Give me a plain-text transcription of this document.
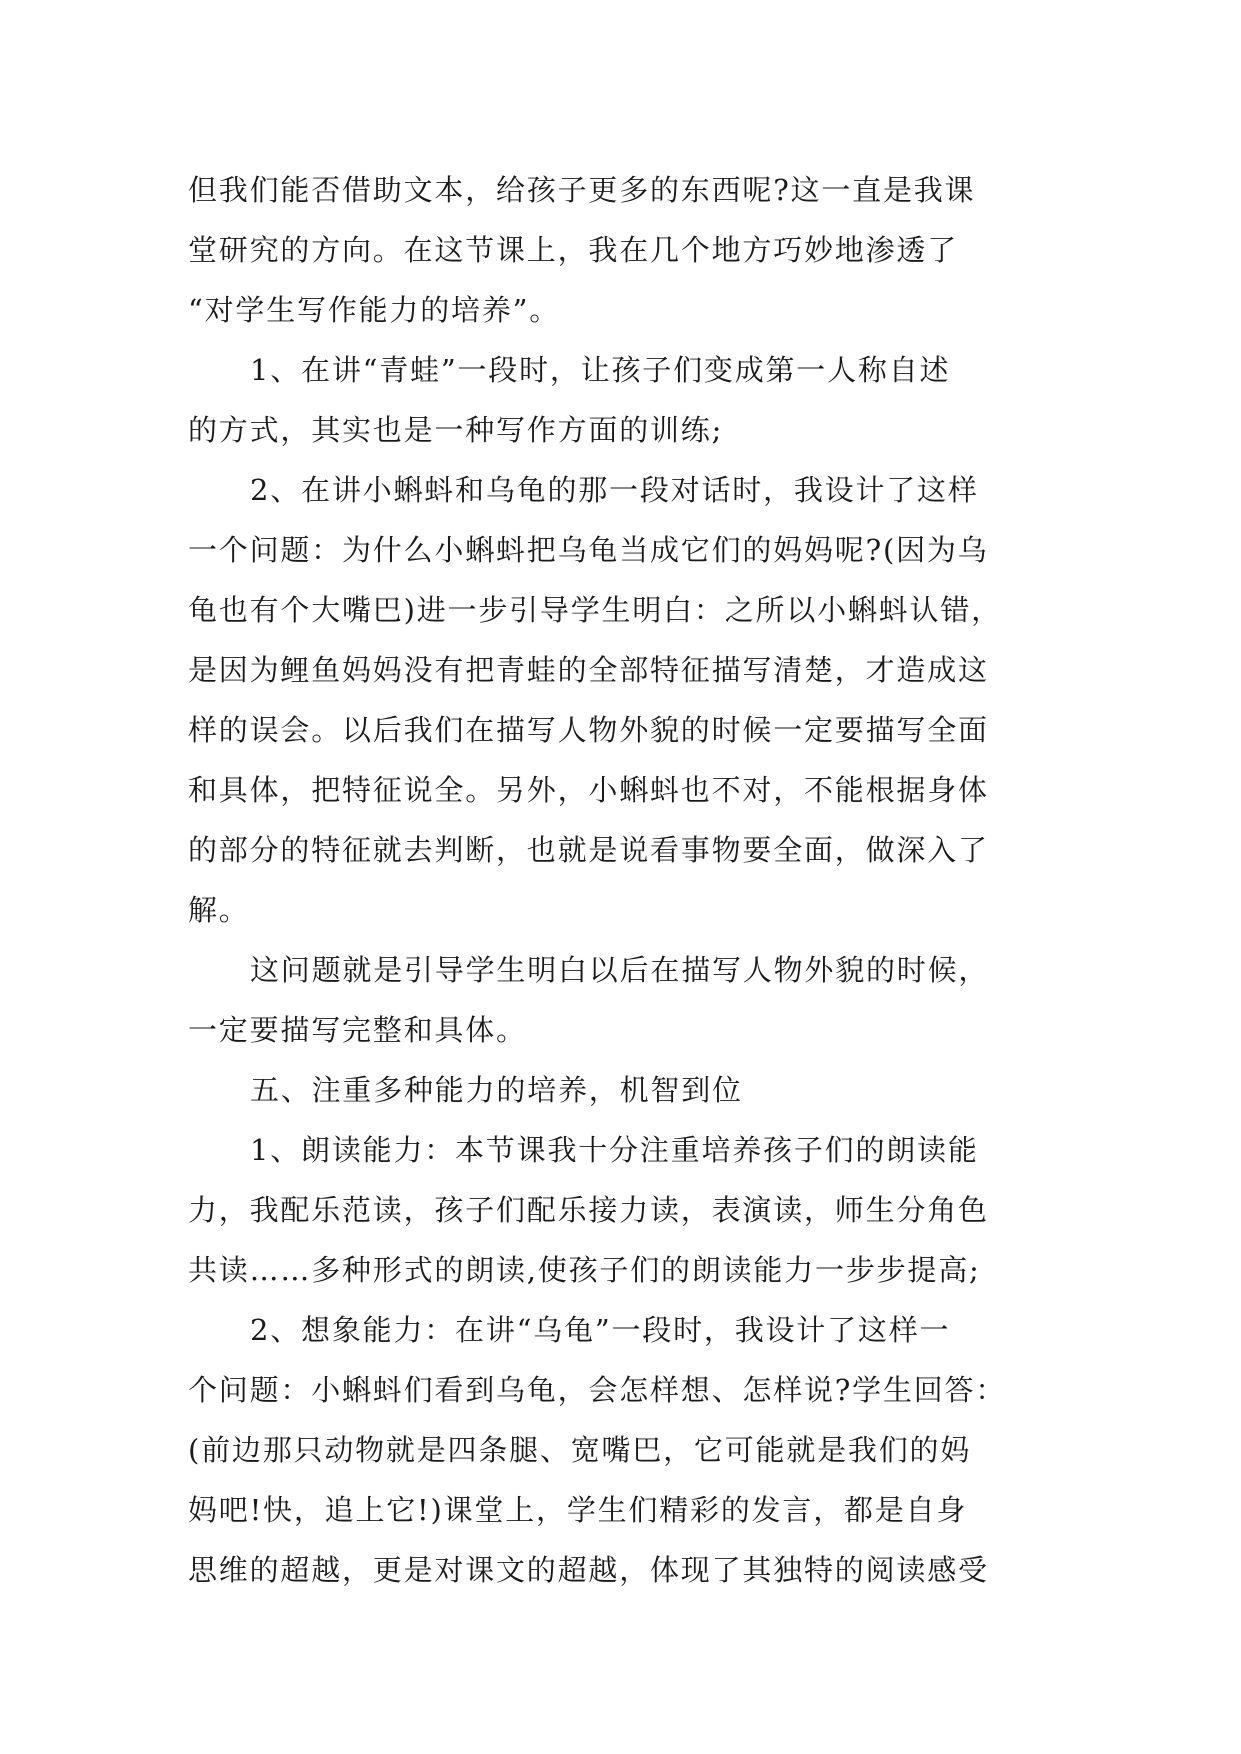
但我们能否借助文本，给孩子更多的东西呢?这一直是我课
堂研究的方向。在这节课上，我在几个地方巧妙地渗透了
“对学生写作能力的培养”。
1、在讲“青蛙”一段时，让孩子们变成第一人称自述
的方式，其实也是一种写作方面的训练;
2、在讲小蝌蚪和乌龟的那一段对话时，我设计了这样
一个问题：为什么小蝌蚪把乌龟当成它们的妈妈呢?(因为乌
龟也有个大嘴巴)进一步引导学生明白：之所以小蝌蚪认错，
是因为鲤鱼妈妈没有把青蛙的全部特征描写清楚，才造成这
样的误会。以后我们在描写人物外貌的时候一定要描写全面
和具体，把特征说全。另外，小蝌蚪也不对，不能根据身体
的部分的特征就去判断，也就是说看事物要全面，做深入了
解。
这问题就是引导学生明白以后在描写人物外貌的时候，
一定要描写完整和具体。
五、注重多种能力的培养，机智到位
1、朗读能力：本节课我十分注重培养孩子们的朗读能
力，我配乐范读，孩子们配乐接力读，表演读，师生分角色
共读……多种形式的朗读,使孩子们的朗读能力一步步提高;
2、想象能力：在讲“乌龟”一段时，我设计了这样一
个问题：小蝌蚪们看到乌龟，会怎样想、怎样说?学生回答：
(前边那只动物就是四条腿、宽嘴巴，它可能就是我们的妈
妈吧!快，追上它!)课堂上，学生们精彩的发言，都是自身
思维的超越，更是对课文的超越，体现了其独特的阅读感受
